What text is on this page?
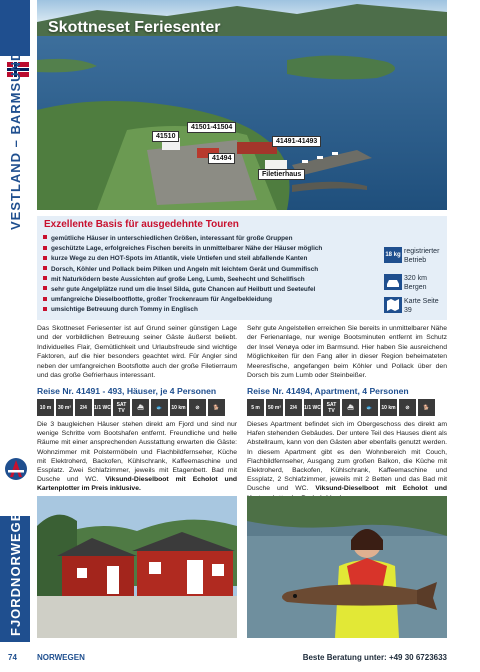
VESTLAND – BARMSUND
FJORDNORWEGEN
Skottneset Feriesenter
41501-41504
41510
41491-41493
41494
Filetierhaus
Exzellente Basis für ausgedehnte Touren
gemütliche Häuser in unterschiedlichen Größen, interessant für große Gruppen
geschützte Lage, erfolgreiches Fischen bereits in unmittelbarer Nähe der Häuser möglich
kurze Wege zu den HOT-Spots im Atlantik, viele Untiefen und steil abfallende Kanten
Dorsch, Köhler und Pollack beim Pilken und Angeln mit leichtem Gerät und Gummifisch
mit Naturködern beste Aussichten auf große Leng, Lumb, Seehecht und Schellfisch
sehr gute Angelplätze rund um die Insel Silda, gute Chancen auf Heilbutt und Seeteufel
umfangreiche Dieselbootflotte, großer Trockenraum für Angelbekleidung
umsichtige Betreuung durch Tommy in Englisch
18 kg registrierter Betrieb
320 km Bergen
Karte Seite 39

Das Skottneset Feriesenter ist auf Grund seiner günstigen Lage und der vorbildlichen Betreuung seiner Gäste äußerst beliebt. Individuelles Flair, Gemütlichkeit und Urlaubsfreude sind wichtige Faktoren, auf die hier besonders geachtet wird. Für Angler sind neben der umfangreichen Bootsflotte auch der große Filetierraum und das große Gefrierhaus interessant.

Sehr gute Angelstellen erreichen Sie bereits in unmittelbarer Nähe der Ferienanlage, nur wenige Bootsminuten entfernt im Schutz der Insel Venøya oder im Barmsund. Hier haben Sie ausreichend Möglichkeiten für den Fang aller in dieser Region beheimateten Meeresfische, angefangen beim Köhler und Pollack über den Dorsch bis zum Lumb oder Steinbeißer.

Reise Nr. 41491 - 493, Häuser, je 4 Personen
10 m	30 m²	2/4	1/1 WC	SAT TV	⛴	🐟	10 km	⊘	🐕

Die 3 baugleichen Häuser stehen direkt am Fjord und sind nur wenige Schritte vom Bootshafen entfernt. Freundliche und helle Räume mit einer ansprechenden Ausstattung erwarten die Gäste: Wohnzimmer mit Polstermöbeln und Flachbildfernseher, Küche mit Elektroherd, Backofen, Kühlschrank, Kaffeemaschine und Essplatz. Zwei Schlafzimmer, jeweils mit Etagenbett. Bad mit Dusche und WC. Viksund-Dieselboot mit Echolot und Kartenplotter im Preis inklusive.

Reise Nr. 41494, Apartment, 4 Personen
5 m	50 m²	2/4	1/1 WC	SAT TV	⛴	🐟	10 km	⊘	🐕

Dieses Apartment befindet sich im Obergeschoss des direkt am Hafen stehenden Gebäudes. Der untere Teil des Hauses dient als Abstellraum, kann von den Gästen aber ebenfalls genutzt werden. In diesem Apartment gibt es den Wohnbereich mit Couch, Flachbildfernseher, Ausgang zum großen Balkon, die Küche mit Elektroherd, Backofen, Kühlschrank, Kaffeemaschine und Essplatz, 2 Schlafzimmer, jeweils mit 2 Betten und das Bad mit Dusche und WC. Viksund-Dieselboot mit Echolot und

74	NORWEGEN	Beste Beratung unter: +49 30 6723633
